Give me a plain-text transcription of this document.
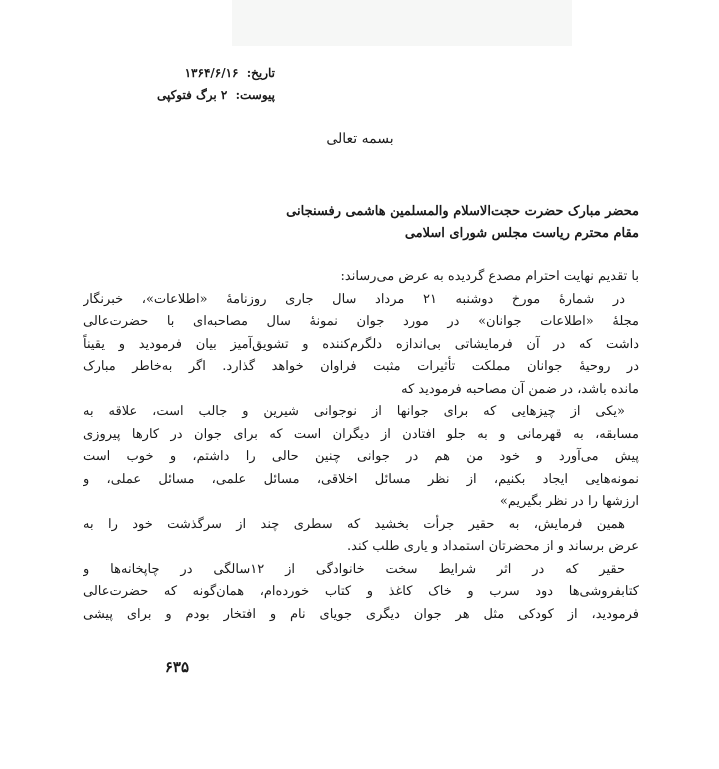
تاریخ: ۱۳۶۴/۶/۱۶
پیوست: ۲ برگ فتوکپی
بسمه تعالی
محضر مبارک حضرت حجت‌الاسلام والمسلمین هاشمی رفسنجانی
مقام محترم ریاست مجلس شورای اسلامی
با تقدیم نهایت احترام مصدع گردیده به عرض می‌رساند:
در شمارهٔ مورخ دوشنبه ۲۱ مرداد سال جاری روزنامهٔ «اطلاعات»، خبرنگار
مجلهٔ «اطلاعات جوانان» در مورد جوان نمونهٔ سال مصاحبه‌ای با حضرت‌عالی
داشت که در آن فرمایشاتی بی‌اندازه دلگرم‌کننده و تشویق‌آمیز بیان فرمودید و یقیناً
در روحیهٔ جوانان مملکت تأثیرات مثبت فراوان خواهد گذارد. اگر به‌خاطر مبارک
مانده باشد، در ضمن آن مصاحبه فرمودید که
«یکی از چیزهایی که برای جوانها از نوجوانی شیرین و جالب است، علاقه به
مسابقه، به قهرمانی و به جلو افتادن از دیگران است که برای جوان در کارها پیروزی
پیش می‌آورد و خود من هم در جوانی چنین حالی را داشتم، و خوب است
نمونه‌هایی ایجاد بکنیم، از نظر مسائل اخلاقی، مسائل علمی، مسائل عملی، و
ارزشها را در نظر بگیریم»
همین فرمایش، به حقیر جرأت بخشید که سطری چند از سرگذشت خود را به
عرض برساند و از محضرتان استمداد و یاری طلب کند.
حقیر که در اثر شرایط سخت خانوادگی از ۱۲سالگی در چاپخانه‌ها و
کتابفروشی‌ها دود سرب و خاک کاغذ و کتاب خورده‌ام، همان‌گونه که حضرت‌عالی
فرمودید، از کودکی مثل هر جوان دیگری جویای نام و افتخار بودم و برای پیشی
۶۳۵
